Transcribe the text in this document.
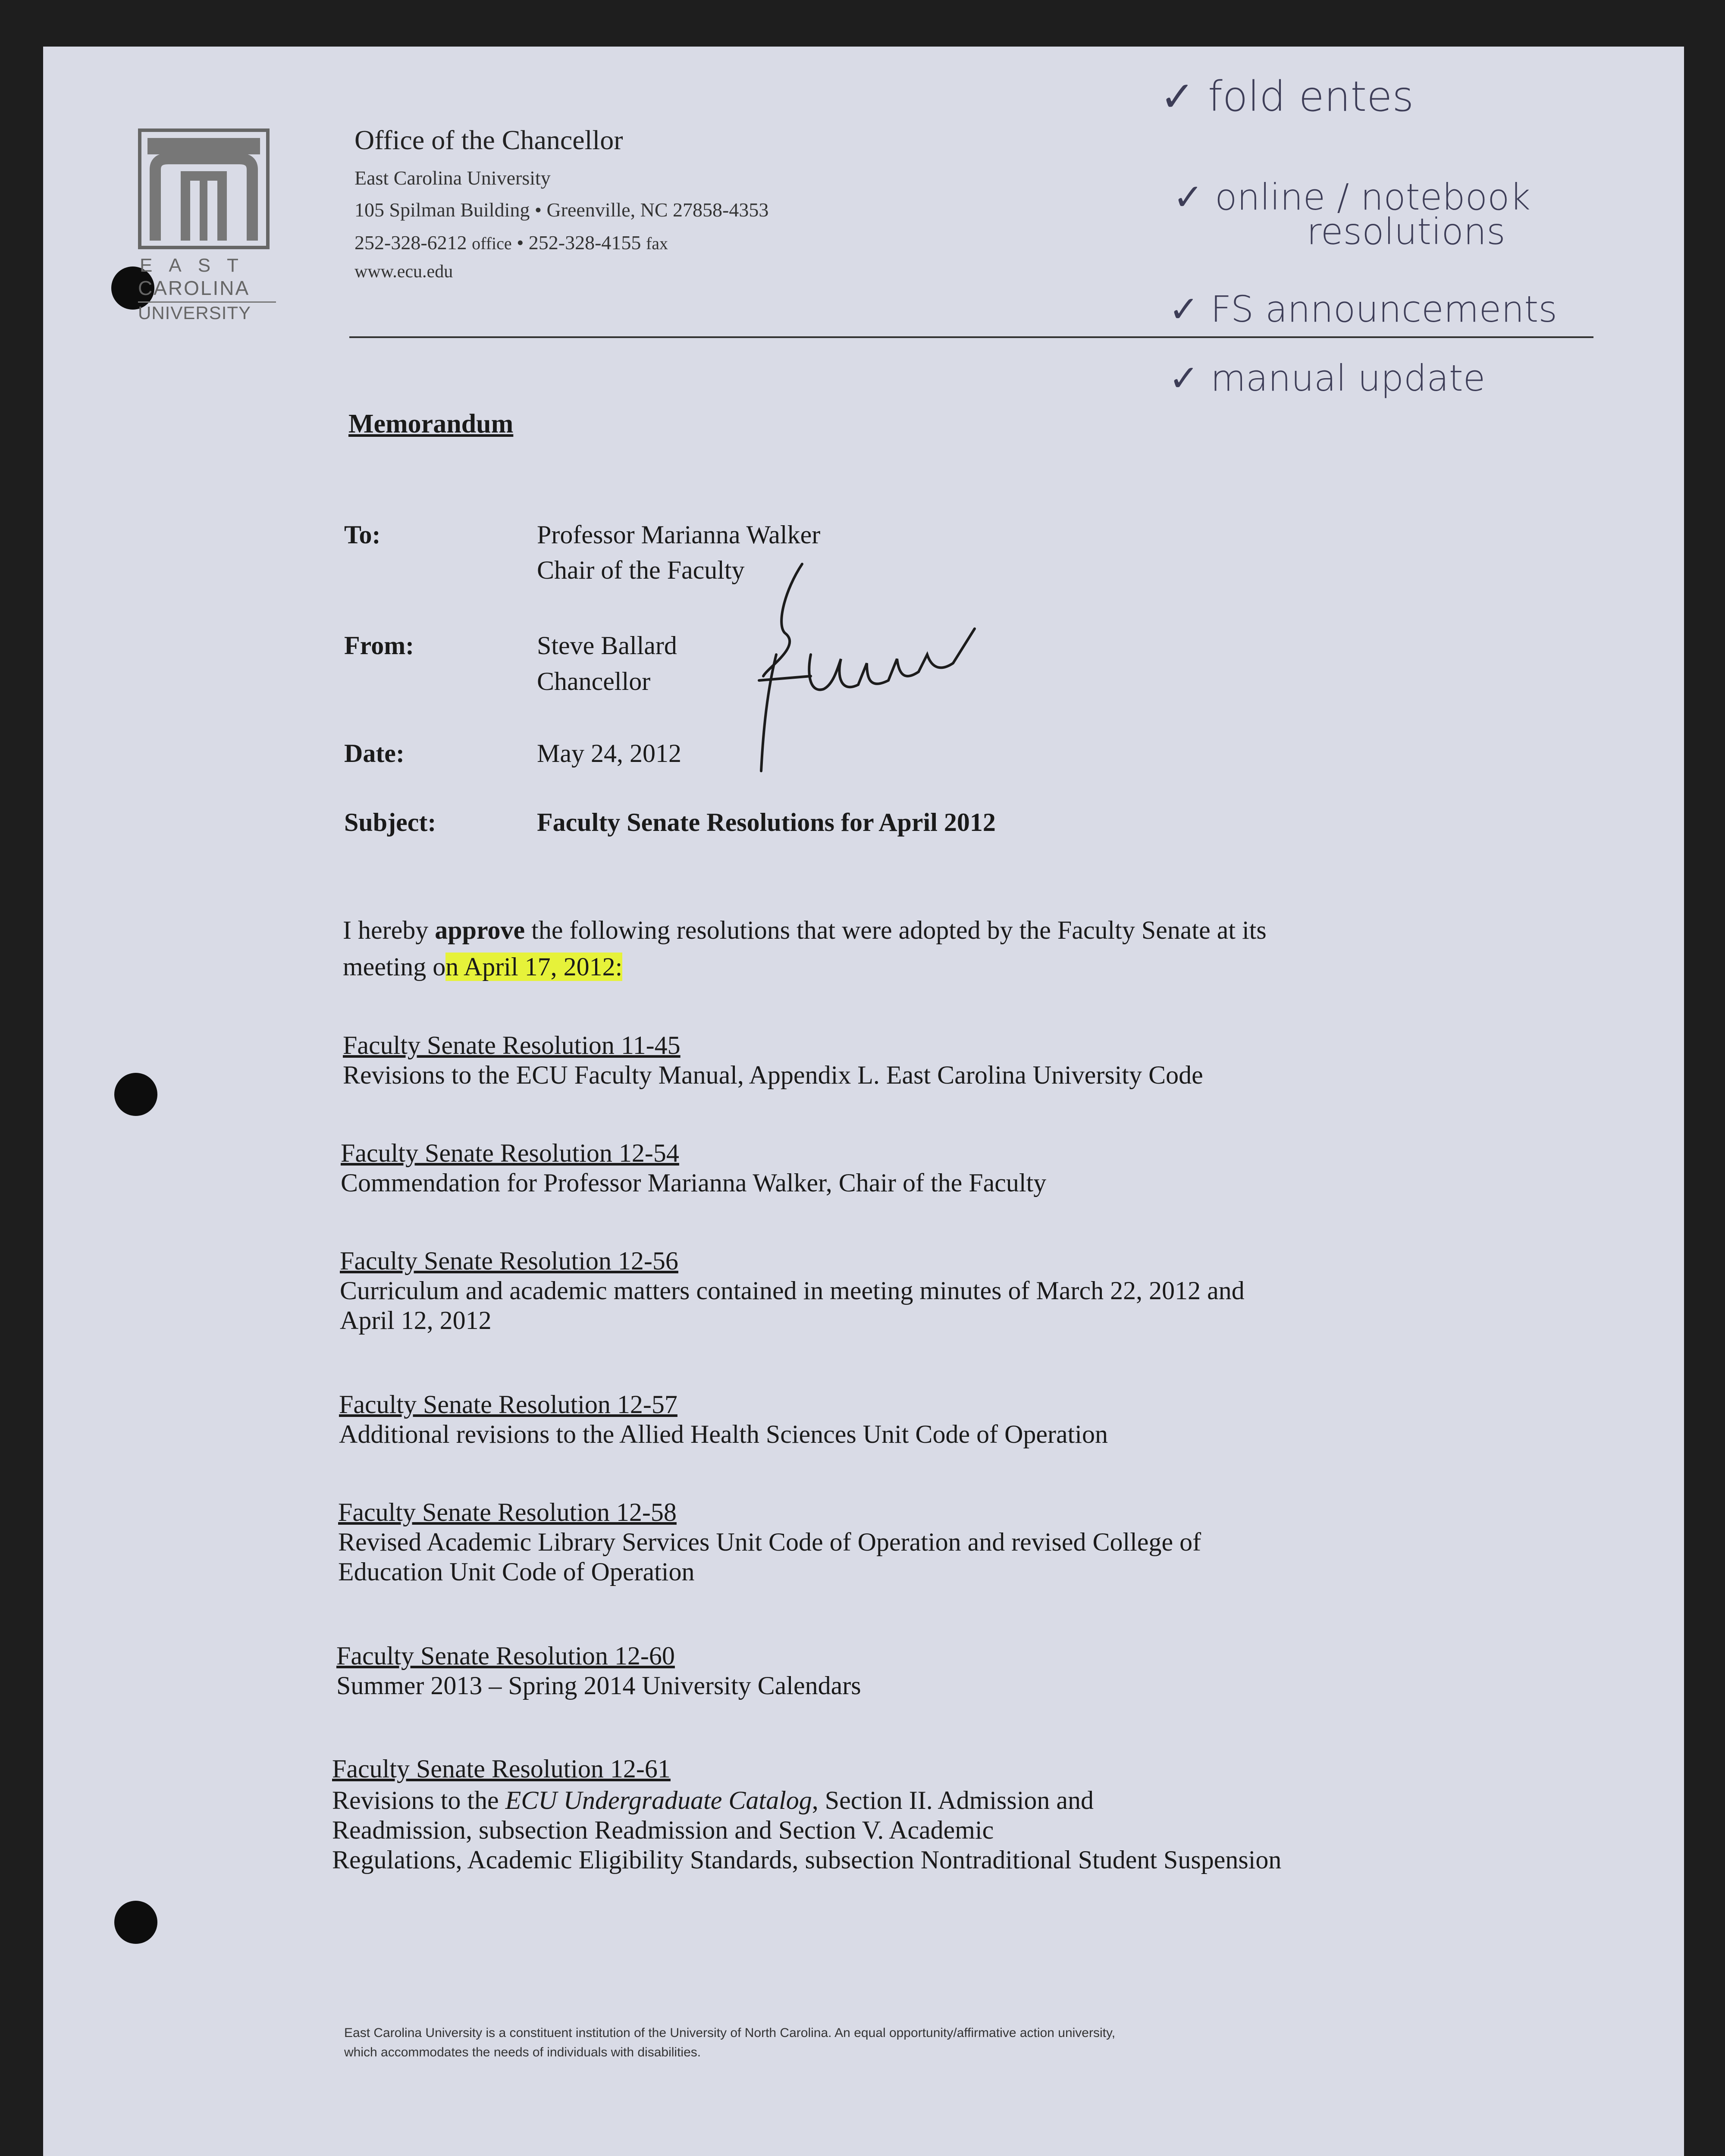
EAST
CAROLINA
UNIVERSITY
Office of the Chancellor
East Carolina University
105 Spilman Building • Greenville, NC 27858-4353
252-328-6212 office • 252-328-4155 fax
www.ecu.edu
✓ fold entes
✓ online / notebook
resolutions
✓ FS announcements
✓ manual update
Memorandum
To:	Professor Marianna Walker
Chair of the Faculty
From:	Steve Ballard
Chancellor
Date:	May 24, 2012
Subject:	Faculty Senate Resolutions for April 2012
I hereby approve the following resolutions that were adopted by the Faculty Senate at its
meeting on April 17, 2012:
Faculty Senate Resolution 11-45
Revisions to the ECU Faculty Manual, Appendix L. East Carolina University Code
Faculty Senate Resolution 12-54
Commendation for Professor Marianna Walker, Chair of the Faculty
Faculty Senate Resolution 12-56
Curriculum and academic matters contained in meeting minutes of March 22, 2012 and
April 12, 2012
Faculty Senate Resolution 12-57
Additional revisions to the Allied Health Sciences Unit Code of Operation
Faculty Senate Resolution 12-58
Revised Academic Library Services Unit Code of Operation and revised College of
Education Unit Code of Operation
Faculty Senate Resolution 12-60
Summer 2013 – Spring 2014 University Calendars
Faculty Senate Resolution 12-61
Revisions to the ECU Undergraduate Catalog, Section II. Admission and
Readmission, subsection Readmission and Section V. Academic
Regulations, Academic Eligibility Standards, subsection Nontraditional Student Suspension
East Carolina University is a constituent institution of the University of North Carolina. An equal opportunity/affirmative action university,
which accommodates the needs of individuals with disabilities.
